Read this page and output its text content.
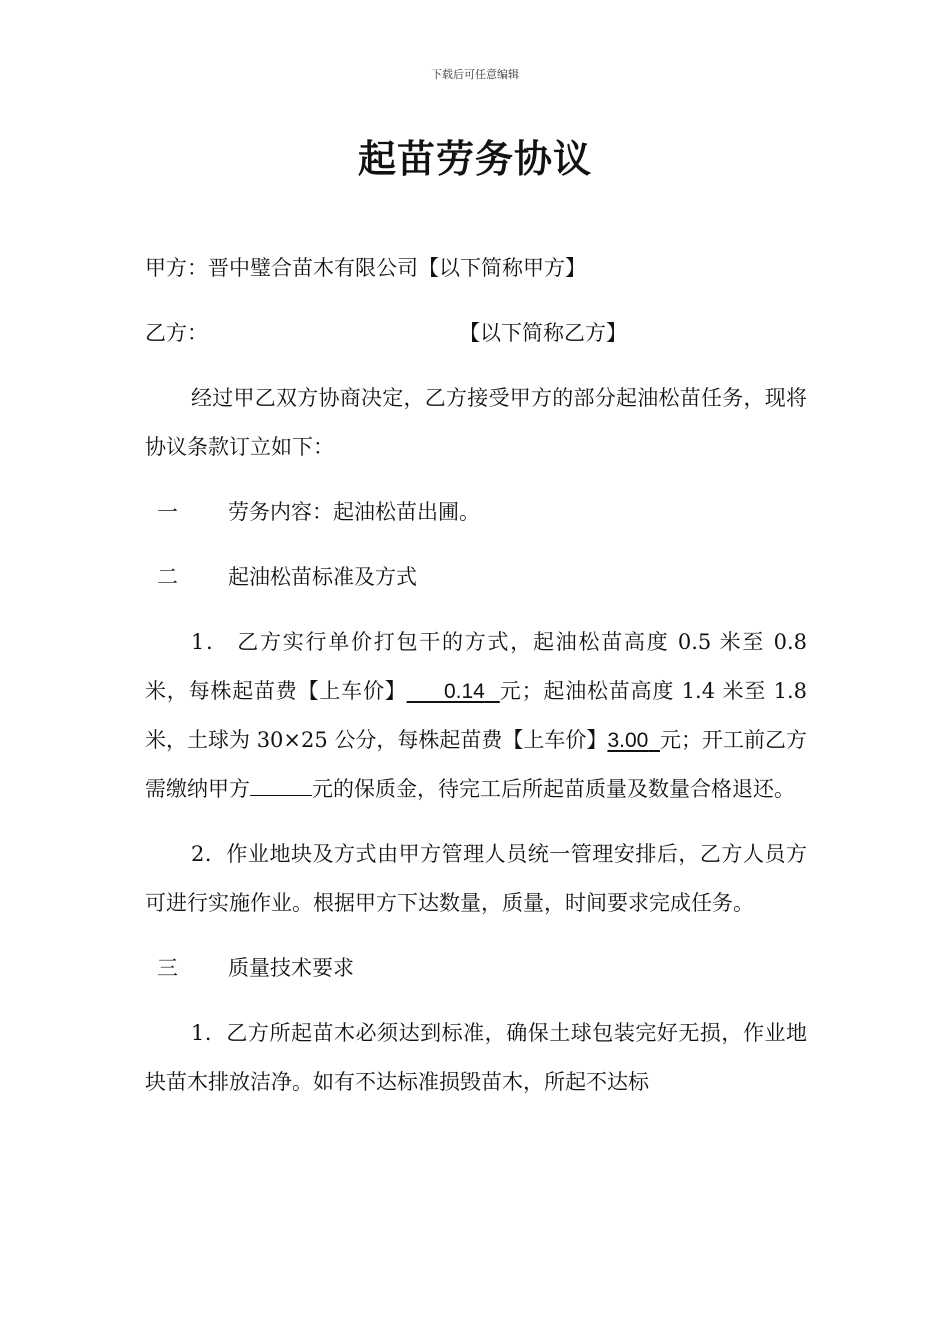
下载后可任意编辑
起苗劳务协议

甲方：晋中璧合苗木有限公司【以下简称甲方】

乙方：	【以下简称乙方】

经过甲乙双方协商决定，乙方接受甲方的部分起油松苗任务，现将协议条款订立如下：

一 劳务内容：起油松苗出圃。

二 起油松苗标准及方式

1． 乙方实行单价打包干的方式，起油松苗高度 0.5 米至 0.8 米，每株起苗费【上车价】 0.14 元；起油松苗高度 1.4 米至 1.8 米，土球为 30×25 公分，每株起苗费【上车价】3.00 元；开工前乙方需缴纳甲方	元的保质金，待完工后所起苗质量及数量合格退还。

2．作业地块及方式由甲方管理人员统一管理安排后，乙方人员方可进行实施作业。根据甲方下达数量，质量，时间要求完成任务。

三 质量技术要求

1．乙方所起苗木必须达到标准，确保土球包装完好无损，作业地块苗木排放洁净。如有不达标准损毁苗木，所起不达标
